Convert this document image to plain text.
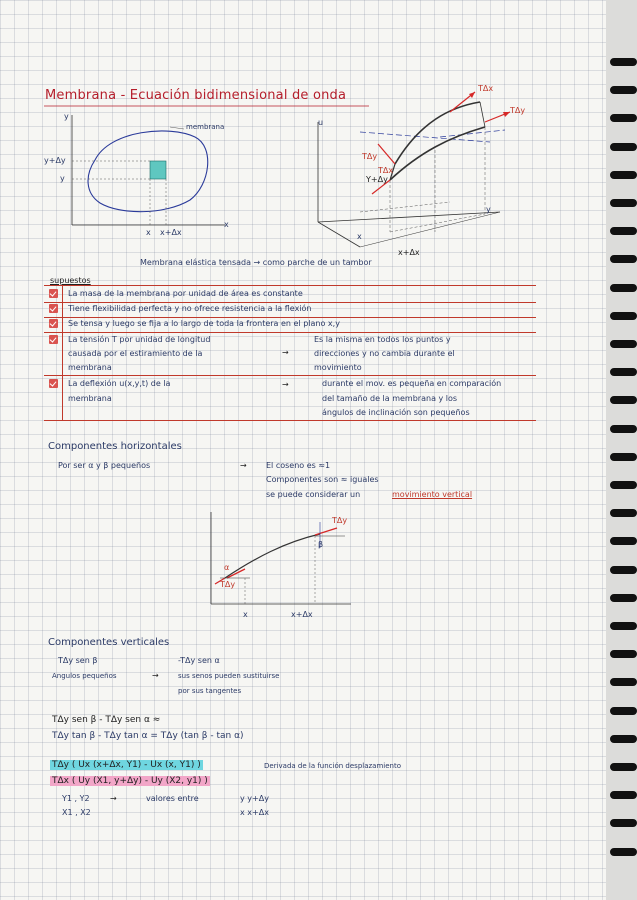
Membrana - Ecuación bidimensional de onda
membrana
y
x
y+Δy
y
x x+Δx
u
y
x
TΔx
TΔy
TΔy
TΔx
Y+Δy
x+Δx
Membrana elástica tensada → como parche de un tambor
supuestos
La masa de la membrana por unidad de área es constante
Tiene flexibilidad perfecta y no ofrece resistencia a la flexión
Se tensa y luego se fija a lo largo de toda la frontera en el plano x,y
La tensión T por unidad de longitud
causada por el estiramiento de la
membrana
→
Es la misma en todos los puntos y
direcciones y no cambia durante el
movimiento
La deflexión u(x,y,t) de la
membrana
→	durante el mov. es pequeña en comparación
del tamaño de la membrana y los
ángulos de inclinación son pequeños
Componentes horizontales
Por ser α y β pequeños	→ El coseno es ≈1
Componentes son ≈ iguales
se puede considerar un	movimiento vertical
TΔy
β
α
TΔy
x	x+Δx
Componentes verticales
TΔy sen β	-TΔy sen α
Angulos pequeños	→	sus senos pueden sustituirse
por sus tangentes
TΔy sen β - TΔy sen α ≈
TΔy tan β - TΔy tan α = TΔy (tan β - tan α)
TΔy ( Ux (x+Δx, Y1) - Ux (x, Y1) )	Derivada de la función desplazamiento
TΔx ( Uy (X1, y+Δy) - Uy (X2, y1) )
Y1 , Y2
X1 , X2
→	valores entre	y y+Δy
x x+Δx
